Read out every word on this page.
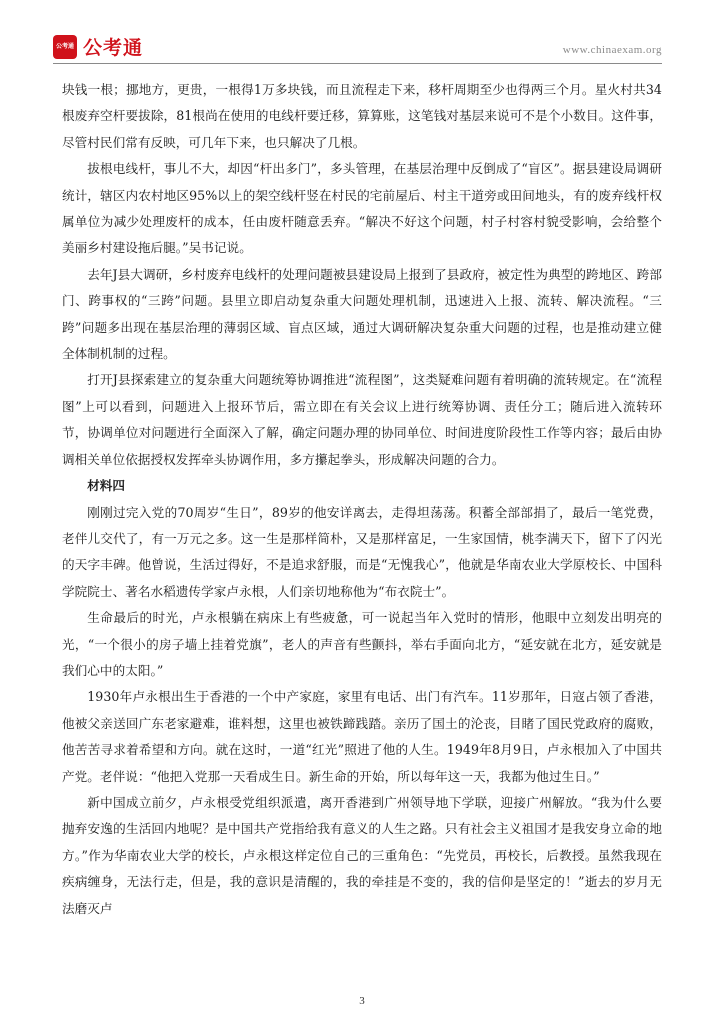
公考通 公考通	www.chinaexam.org

块钱一根；挪地方，更贵，一根得1万多块钱，而且流程走下来，移杆周期至少也得两三个月。星火村共34根废弃空杆要拔除，81根尚在使用的电线杆要迁移，算算账，这笔钱对基层来说可不是个小数目。这件事，尽管村民们常有反映，可几年下来，也只解决了几根。

拔根电线杆，事儿不大，却因“杆出多门”，多头管理，在基层治理中反倒成了“盲区”。据县建设局调研统计，辖区内农村地区95%以上的架空线杆竖在村民的宅前屋后、村主干道旁或田间地头，有的废弃线杆权属单位为减少处理废杆的成本，任由废杆随意丢弃。“解决不好这个问题，村子村容村貌受影响，会给整个美丽乡村建设拖后腿。”吴书记说。

去年J县大调研，乡村废弃电线杆的处理问题被县建设局上报到了县政府，被定性为典型的跨地区、跨部门、跨事权的“三跨”问题。县里立即启动复杂重大问题处理机制，迅速进入上报、流转、解决流程。“三跨”问题多出现在基层治理的薄弱区域、盲点区域，通过大调研解决复杂重大问题的过程，也是推动建立健全体制机制的过程。

打开J县探索建立的复杂重大问题统筹协调推进“流程图”，这类疑难问题有着明确的流转规定。在“流程图”上可以看到，问题进入上报环节后，需立即在有关会议上进行统筹协调、责任分工；随后进入流转环节，协调单位对问题进行全面深入了解，确定问题办理的协同单位、时间进度阶段性工作等内容；最后由协调相关单位依据授权发挥牵头协调作用，多方攥起拳头，形成解决问题的合力。

材料四

刚刚过完入党的70周岁“生日”，89岁的他安详离去，走得坦荡荡。积蓄全部部捐了，最后一笔党费，老伴儿交代了，有一万元之多。这一生是那样简朴，又是那样富足，一生家国情，桃李满天下，留下了闪光的天字丰碑。他曾说，生活过得好，不是追求舒服，而是“无愧我心”，他就是华南农业大学原校长、中国科学院院士、著名水稻遗传学家卢永根，人们亲切地称他为“布衣院士”。

生命最后的时光，卢永根躺在病床上有些疲惫，可一说起当年入党时的情形，他眼中立刻发出明亮的光，“一个很小的房子墙上挂着党旗”，老人的声音有些颤抖，举右手面向北方，“延安就在北方，延安就是我们心中的太阳。”

1930年卢永根出生于香港的一个中产家庭，家里有电话、出门有汽车。11岁那年，日寇占领了香港，他被父亲送回广东老家避难，谁料想，这里也被铁蹄践踏。亲历了国土的沦丧，目睹了国民党政府的腐败，他苦苦寻求着希望和方向。就在这时，一道“红光”照进了他的人生。1949年8月9日，卢永根加入了中国共产党。老伴说：“他把入党那一天看成生日。新生命的开始，所以每年这一天，我都为他过生日。”

新中国成立前夕，卢永根受党组织派遣，离开香港到广州领导地下学联，迎接广州解放。“我为什么要抛弃安逸的生活回内地呢？是中国共产党指给我有意义的人生之路。只有社会主义祖国才是我安身立命的地方。”作为华南农业大学的校长，卢永根这样定位自己的三重角色：“先党员，再校长，后教授。虽然我现在疾病缠身，无法行走，但是，我的意识是清醒的，我的牵挂是不变的，我的信仰是坚定的！”逝去的岁月无法磨灭卢

3
